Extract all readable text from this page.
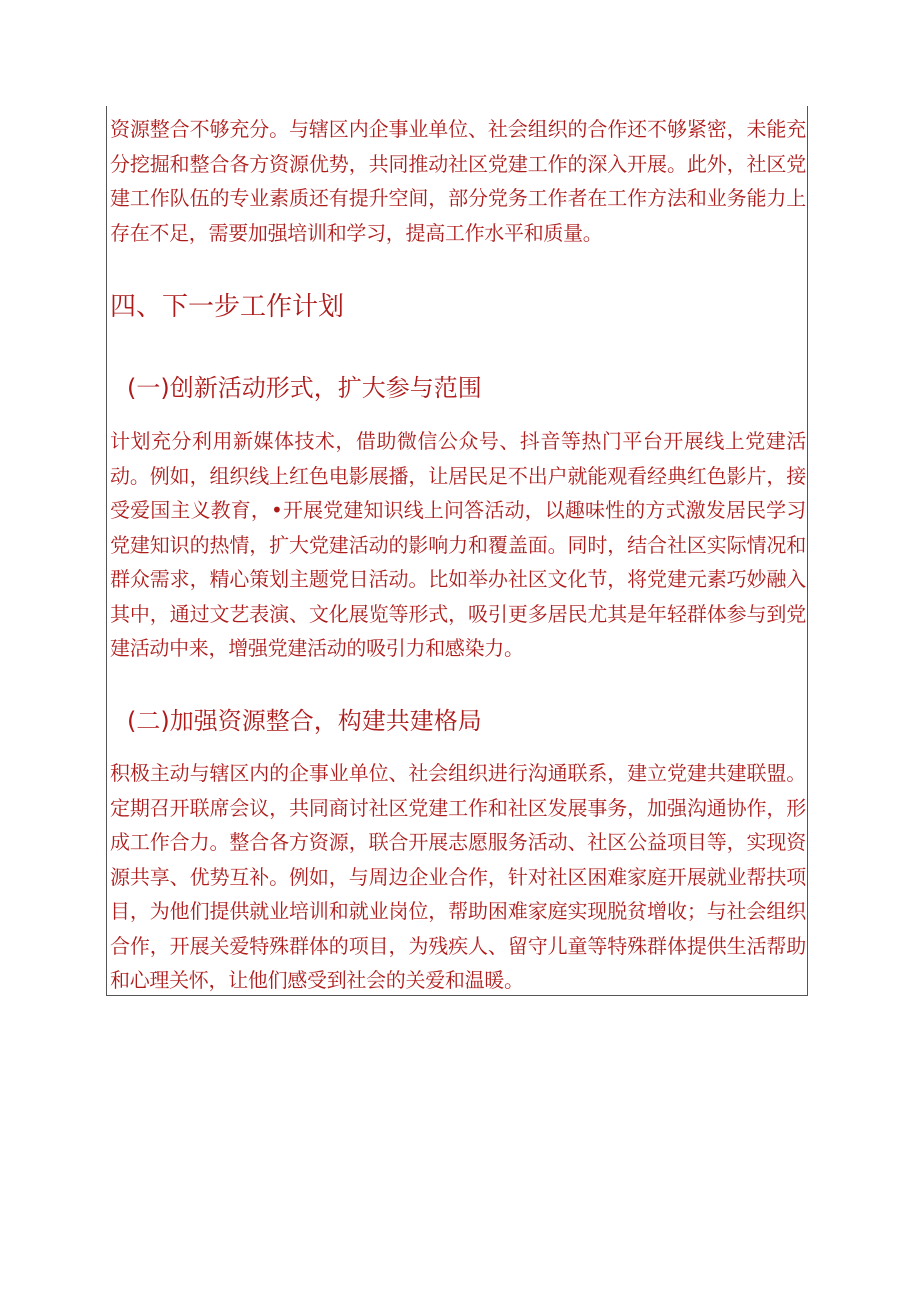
资源整合不够充分。与辖区内企事业单位、社会组织的合作还不够紧密，未能充分挖掘和整合各方资源优势，共同推动社区党建工作的深入开展。此外，社区党建工作队伍的专业素质还有提升空间，部分党务工作者在工作方法和业务能力上存在不足，需要加强培训和学习，提高工作水平和质量。

四、下一步工作计划
(一)创新活动形式，扩大参与范围

计划充分利用新媒体技术，借助微信公众号、抖音等热门平台开展线上党建活动。例如，组织线上红色电影展播，让居民足不出户就能观看经典红色影片，接受爱国主义教育，•开展党建知识线上问答活动，以趣味性的方式激发居民学习党建知识的热情，扩大党建活动的影响力和覆盖面。同时，结合社区实际情况和群众需求，精心策划主题党日活动。比如举办社区文化节，将党建元素巧妙融入其中，通过文艺表演、文化展览等形式，吸引更多居民尤其是年轻群体参与到党建活动中来，增强党建活动的吸引力和感染力。

(二)加强资源整合，构建共建格局

积极主动与辖区内的企事业单位、社会组织进行沟通联系，建立党建共建联盟。定期召开联席会议，共同商讨社区党建工作和社区发展事务，加强沟通协作，形成工作合力。整合各方资源，联合开展志愿服务活动、社区公益项目等，实现资源共享、优势互补。例如，与周边企业合作，针对社区困难家庭开展就业帮扶项目，为他们提供就业培训和就业岗位，帮助困难家庭实现脱贫增收；与社会组织合作，开展关爱特殊群体的项目，为残疾人、留守儿童等特殊群体提供生活帮助和心理关怀，让他们感受到社会的关爱和温暖。
